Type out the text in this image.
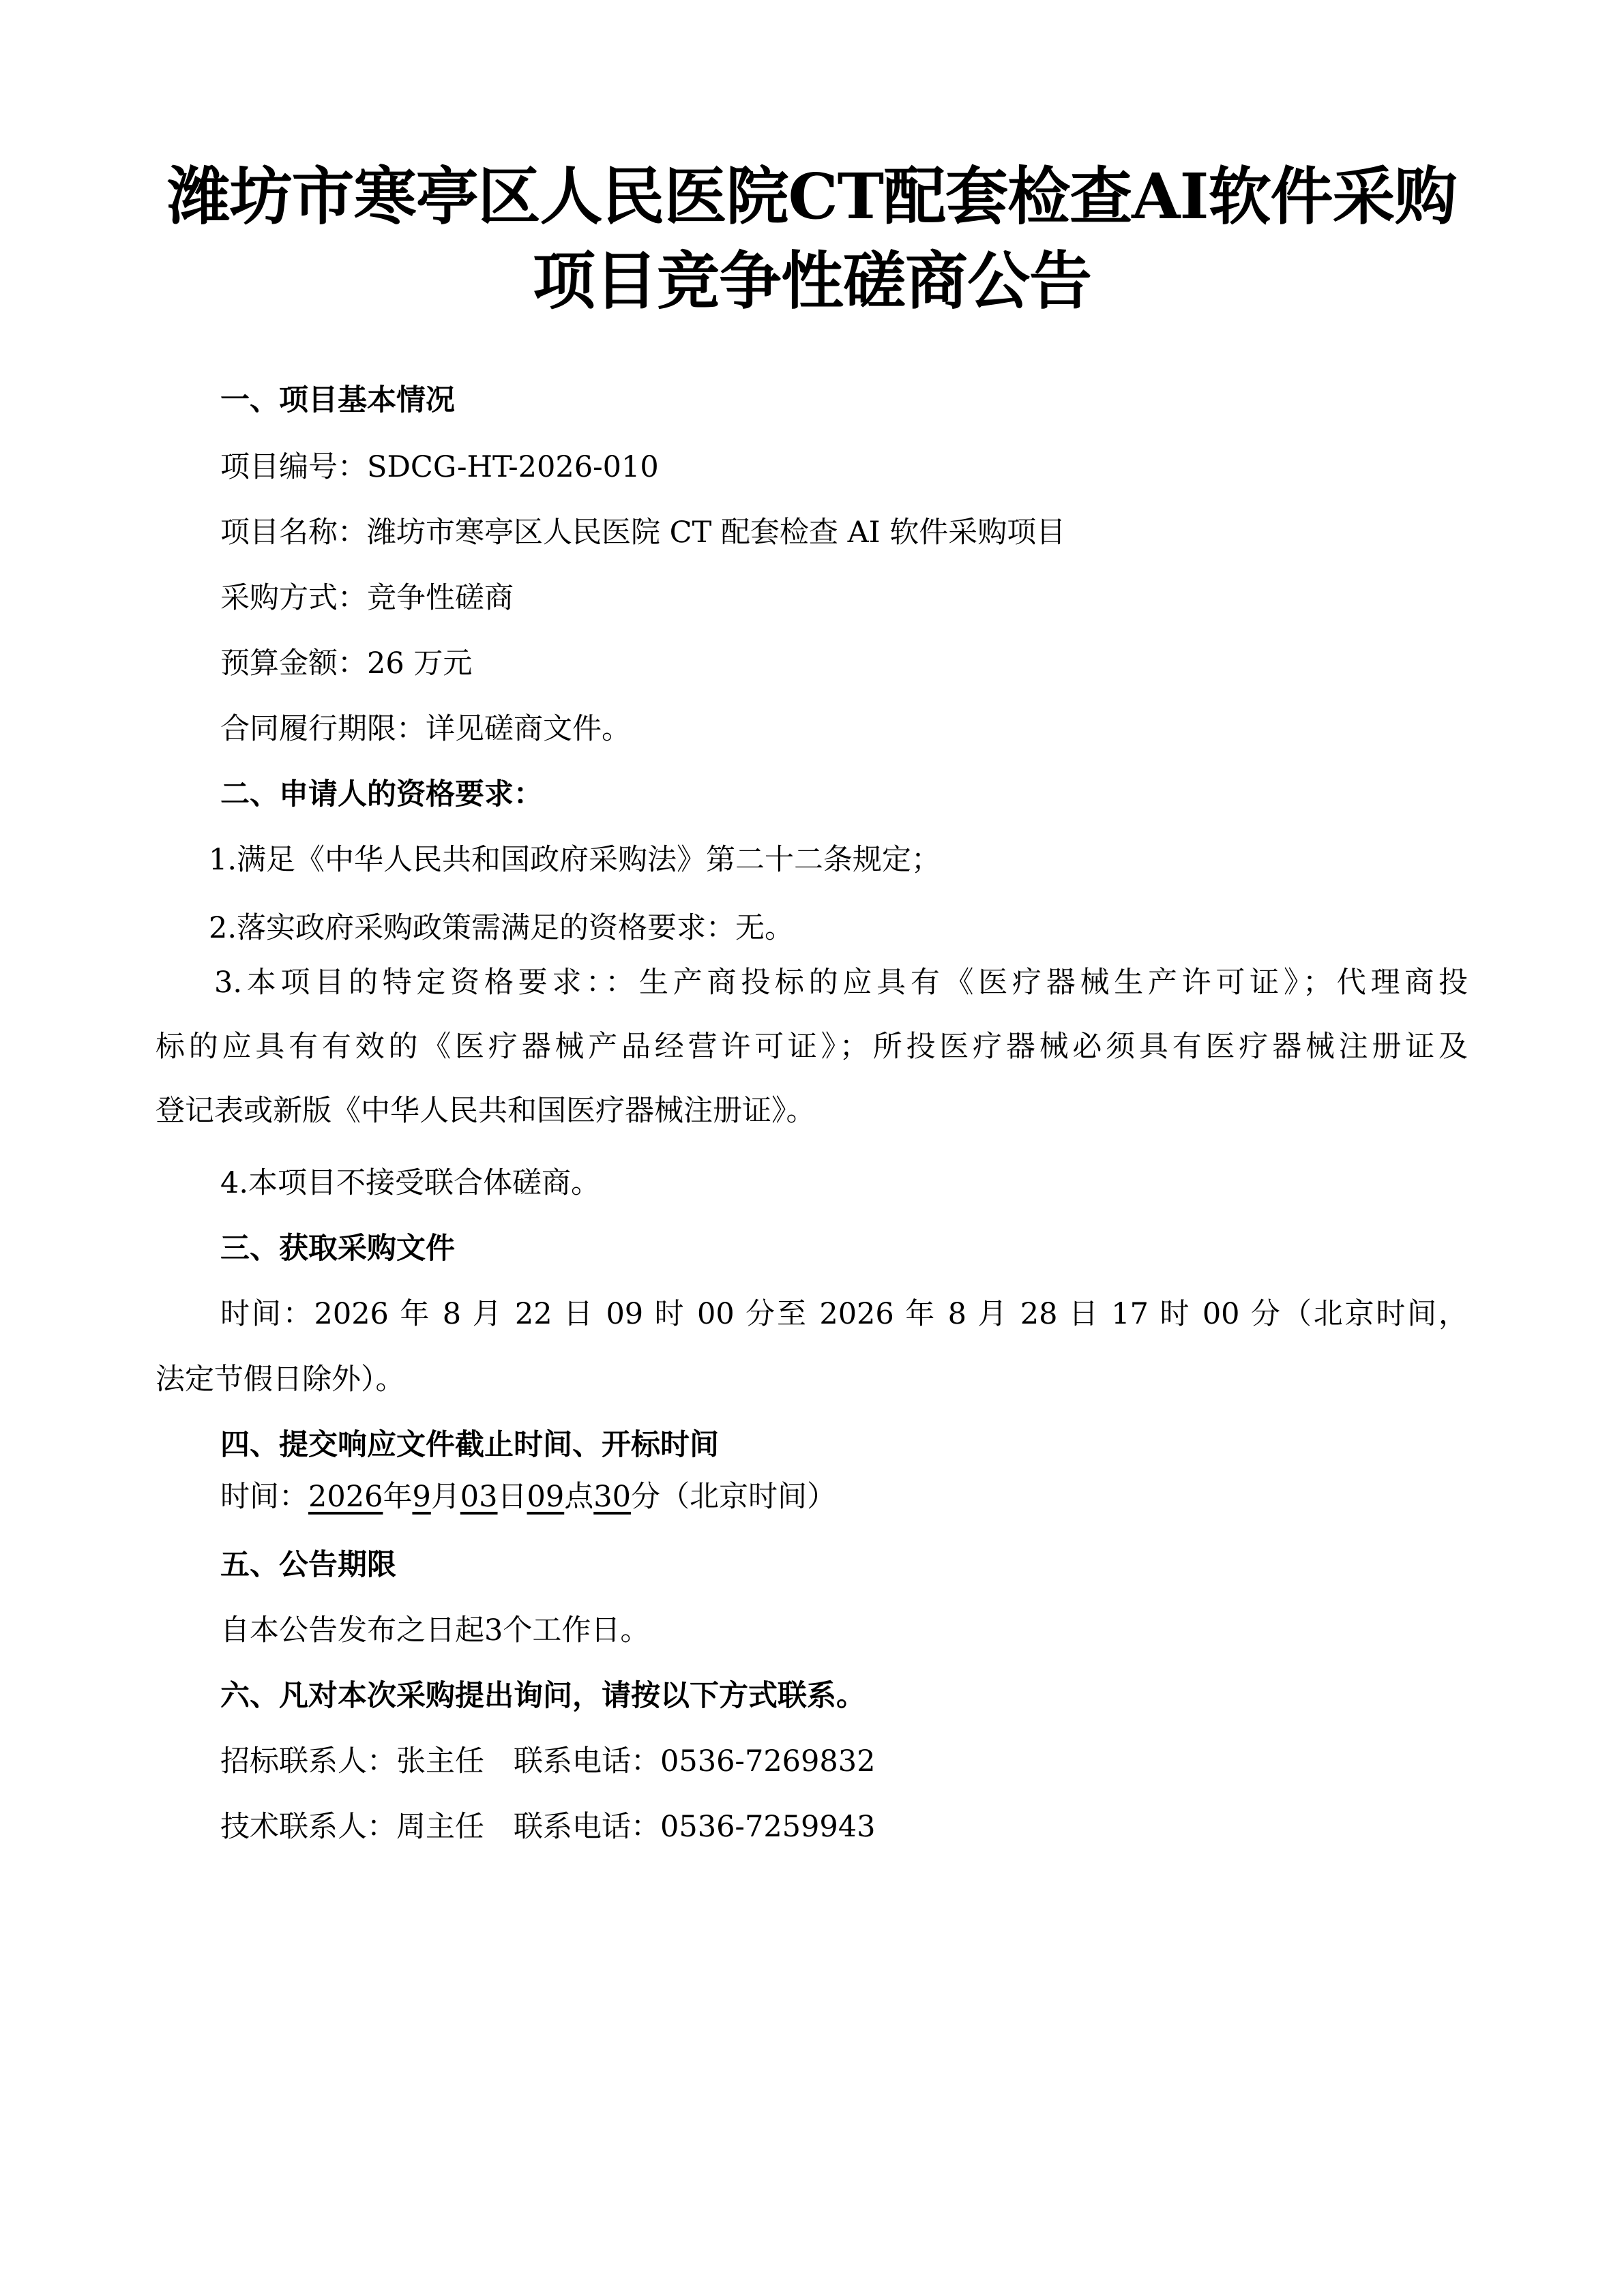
潍坊市寒亭区人民医院CT配套检查AI软件采购
项目竞争性磋商公告
一、项目基本情况
项目编号：SDCG-HT-2026-010
项目名称：潍坊市寒亭区人民医院 CT 配套检查 AI 软件采购项目
采购方式：竞争性磋商
预算金额：26 万元
合同履行期限：详见磋商文件。
二、申请人的资格要求：
1.满足《中华人民共和国政府采购法》第二十二条规定；
2.落实政府采购政策需满足的资格要求：无。
3.本项目的特定资格要求：：生产商投标的应具有《医疗器械生产许可证》；代理商投
标的应具有有效的《医疗器械产品经营许可证》；所投医疗器械必须具有医疗器械注册证及
登记表或新版《中华人民共和国医疗器械注册证》。
4.本项目不接受联合体磋商。
三、获取采购文件
时间：2026 年 8 月 22 日 09 时 00 分至 2026 年 8 月 28 日 17 时 00 分（北京时间，
法定节假日除外）。
四、提交响应文件截止时间、开标时间
时间：2026年9月03日09点30分（北京时间）
五、公告期限
自本公告发布之日起3个工作日。
六、凡对本次采购提出询问，请按以下方式联系。
招标联系人：张主任　联系电话：0536-7269832
技术联系人：周主任　联系电话：0536-7259943
